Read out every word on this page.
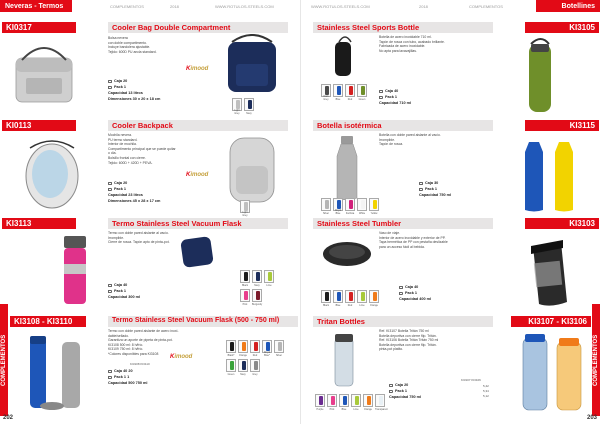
Neveras - Termos	COMPLEMENTOS	2018	WWW.ROTULOS-STEELS.COM
KI0317	Cooler Bag Double Compartment
Bolsa nevera
con doble compartimento.
Incluye bandolera ajustable.
Tejido: 600D PU ancla standard.
Kimood
Caja 20
Pack 1
Capacidad 13 litros
Dimensiones 30 x 20 x 18 cm
Light Grey	Navy
KI0113	Cooler Backpack
Mochila nevera.
PU termo standard.
Interior de mochila.
Compartimento principal que se puede quitar
o día.
Bolsillo frontal con cierre.
Tejido: 600D + 420D + PEVA.
Kimood
Caja 20
Pack 1
Capacidad 23 litros
Dimensiones 45 x 28 x 17 cm
Light Grey
KI3113	Termo Stainless Steel Vacuum Flask
Termo con doble pared aislante al vacío.
Irrompible.
Cierre de rosca. Tapón apto de pinta-pot.
Caja 40
Pack 1
Capacidad 300 ml
Black	Navy	Lime
Pink	Burgundy
KI3108 - KI3110	Termo Stainless Steel Vacuum Flask (500 - 750 ml)
Termo con doble pared aislante de acero inoxi-
dable/sellado.
Garantiza un aporte de pipeta de pinta-pot.
KI3108 500 ml: 8 h/frío.
KI3109 750 ml: 8 h/frío.
*Colores disponibles para KI3108
Kimood
KI3108 KI3110
Caja 40 20
Pack 1 1
Capacidad 500 750 ml
Black*	Orange	Red
Royal Blue*	Silver
Green	Navy	Grey
COMPLEMENTOS
202
WWW.ROTULOS-STEELS.COM	2018	COMPLEMENTOS	Botellines
Stainless Steel Sports Bottle	KI3105
Botella de acero inoxidable 710 ml.
Tapón de rosca con tubo, acabado brillante.
Fabricada de acero inoxidable.
No apta para lavavajillas.
Dark Grey	Blue	Red	Green
Caja 40
Pack 1
Capacidad 710 ml
Botella isotérmica	KI3115
Botella con doble pared aislante al vacío.
Irrompible.
Tapón de rosca.
Silver
Royal Blue	Fuchsia	White	Yellow
Caja 30
Pack 1
Capacidad 750 ml
Stainless Steel Tumbler	KI3103
Vaso de viaje.
Interior de acero inoxidable y exterior de PP.
Tapa hermética de PP con pestaña deslizable
para un acceso fácil al bebida.
Black	Blue	Red	Lime	Orange
Caja 40
Pack 1
Capacidad 400 ml
Tritan Bottles	KI3107 - KI3106
Ref. KI3107 Botella Tritán 750 ml
Botella deportiva con cierre flip. Tritán.
Ref. KI3106 Botella Tritán Tritán 750 ml
Botella deportiva con cierre flip. Tritán.
pinta-pot platito.
KI3107 KI3106
5,42
5,34
5,12
Caja 20
Pack 1
Capacidad 750 ml
Purple	Pink	Blue	Lime	Orange	Transparent
COMPLEMENTOS
203
